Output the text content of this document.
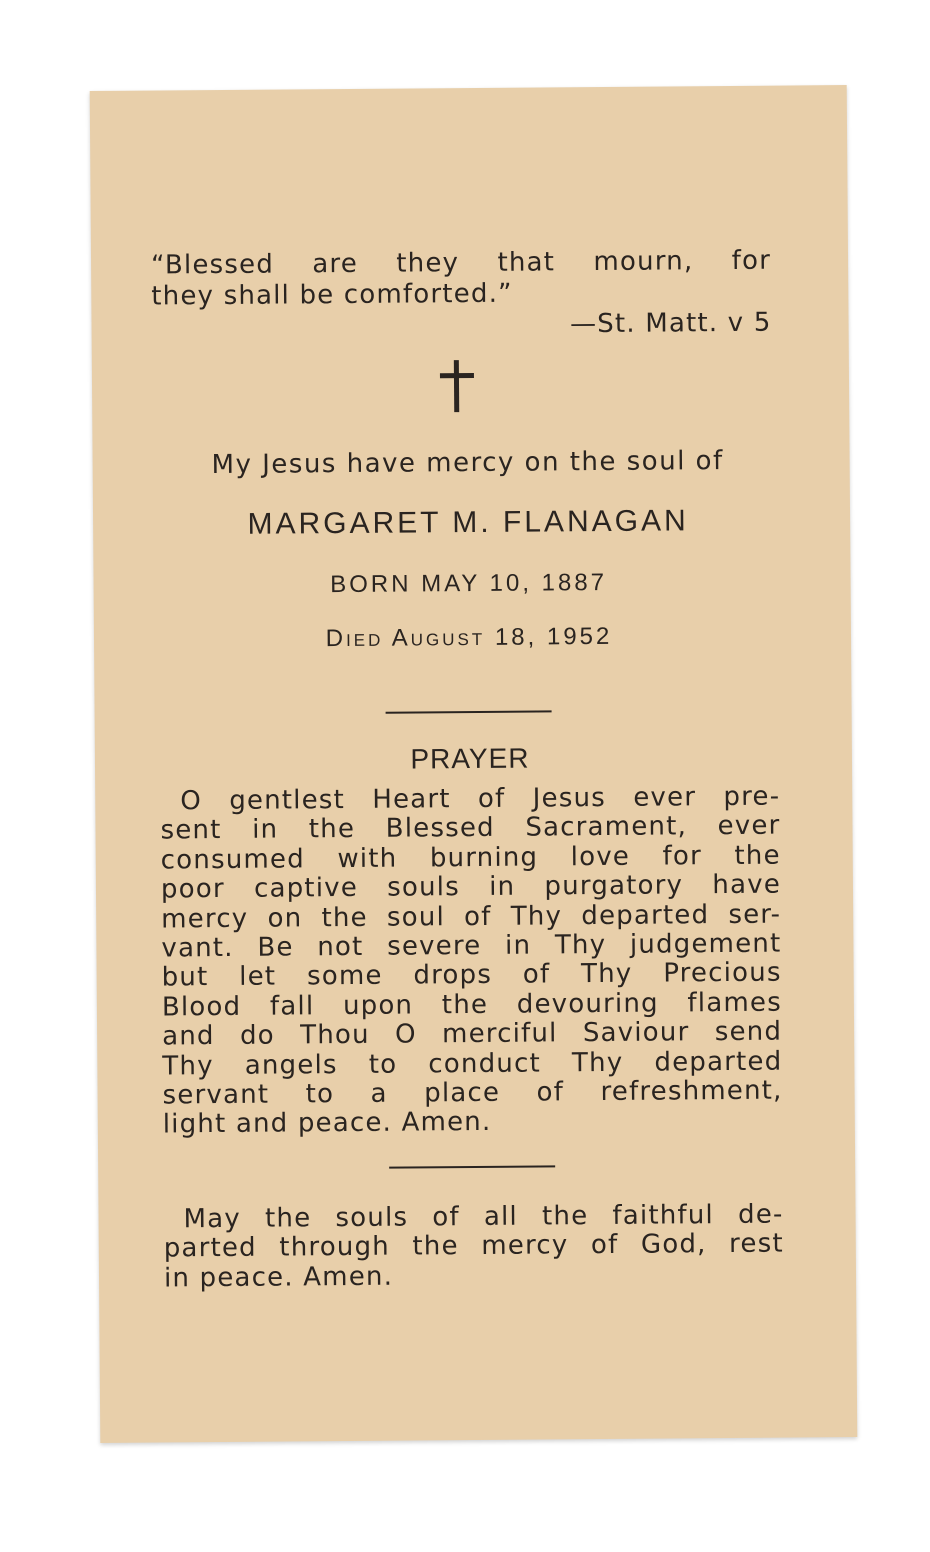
“Blessed are they that mourn, for
they shall be comforted.”
—St. Matt. v 5
My Jesus have mercy on the soul of
MARGARET M. FLANAGAN
BORN MAY 10, 1887
Died August 18, 1952
PRAYER
O gentlest Heart of Jesus ever pre-
sent in the Blessed Sacrament, ever
consumed with burning love for the
poor captive souls in purgatory have
mercy on the soul of Thy departed ser-
vant. Be not severe in Thy judgement
but let some drops of Thy Precious
Blood fall upon the devouring flames
and do Thou O merciful Saviour send
Thy angels to conduct Thy departed
servant to a place of refreshment,
light and peace. Amen.
May the souls of all the faithful de-
parted through the mercy of God, rest
in peace. Amen.
